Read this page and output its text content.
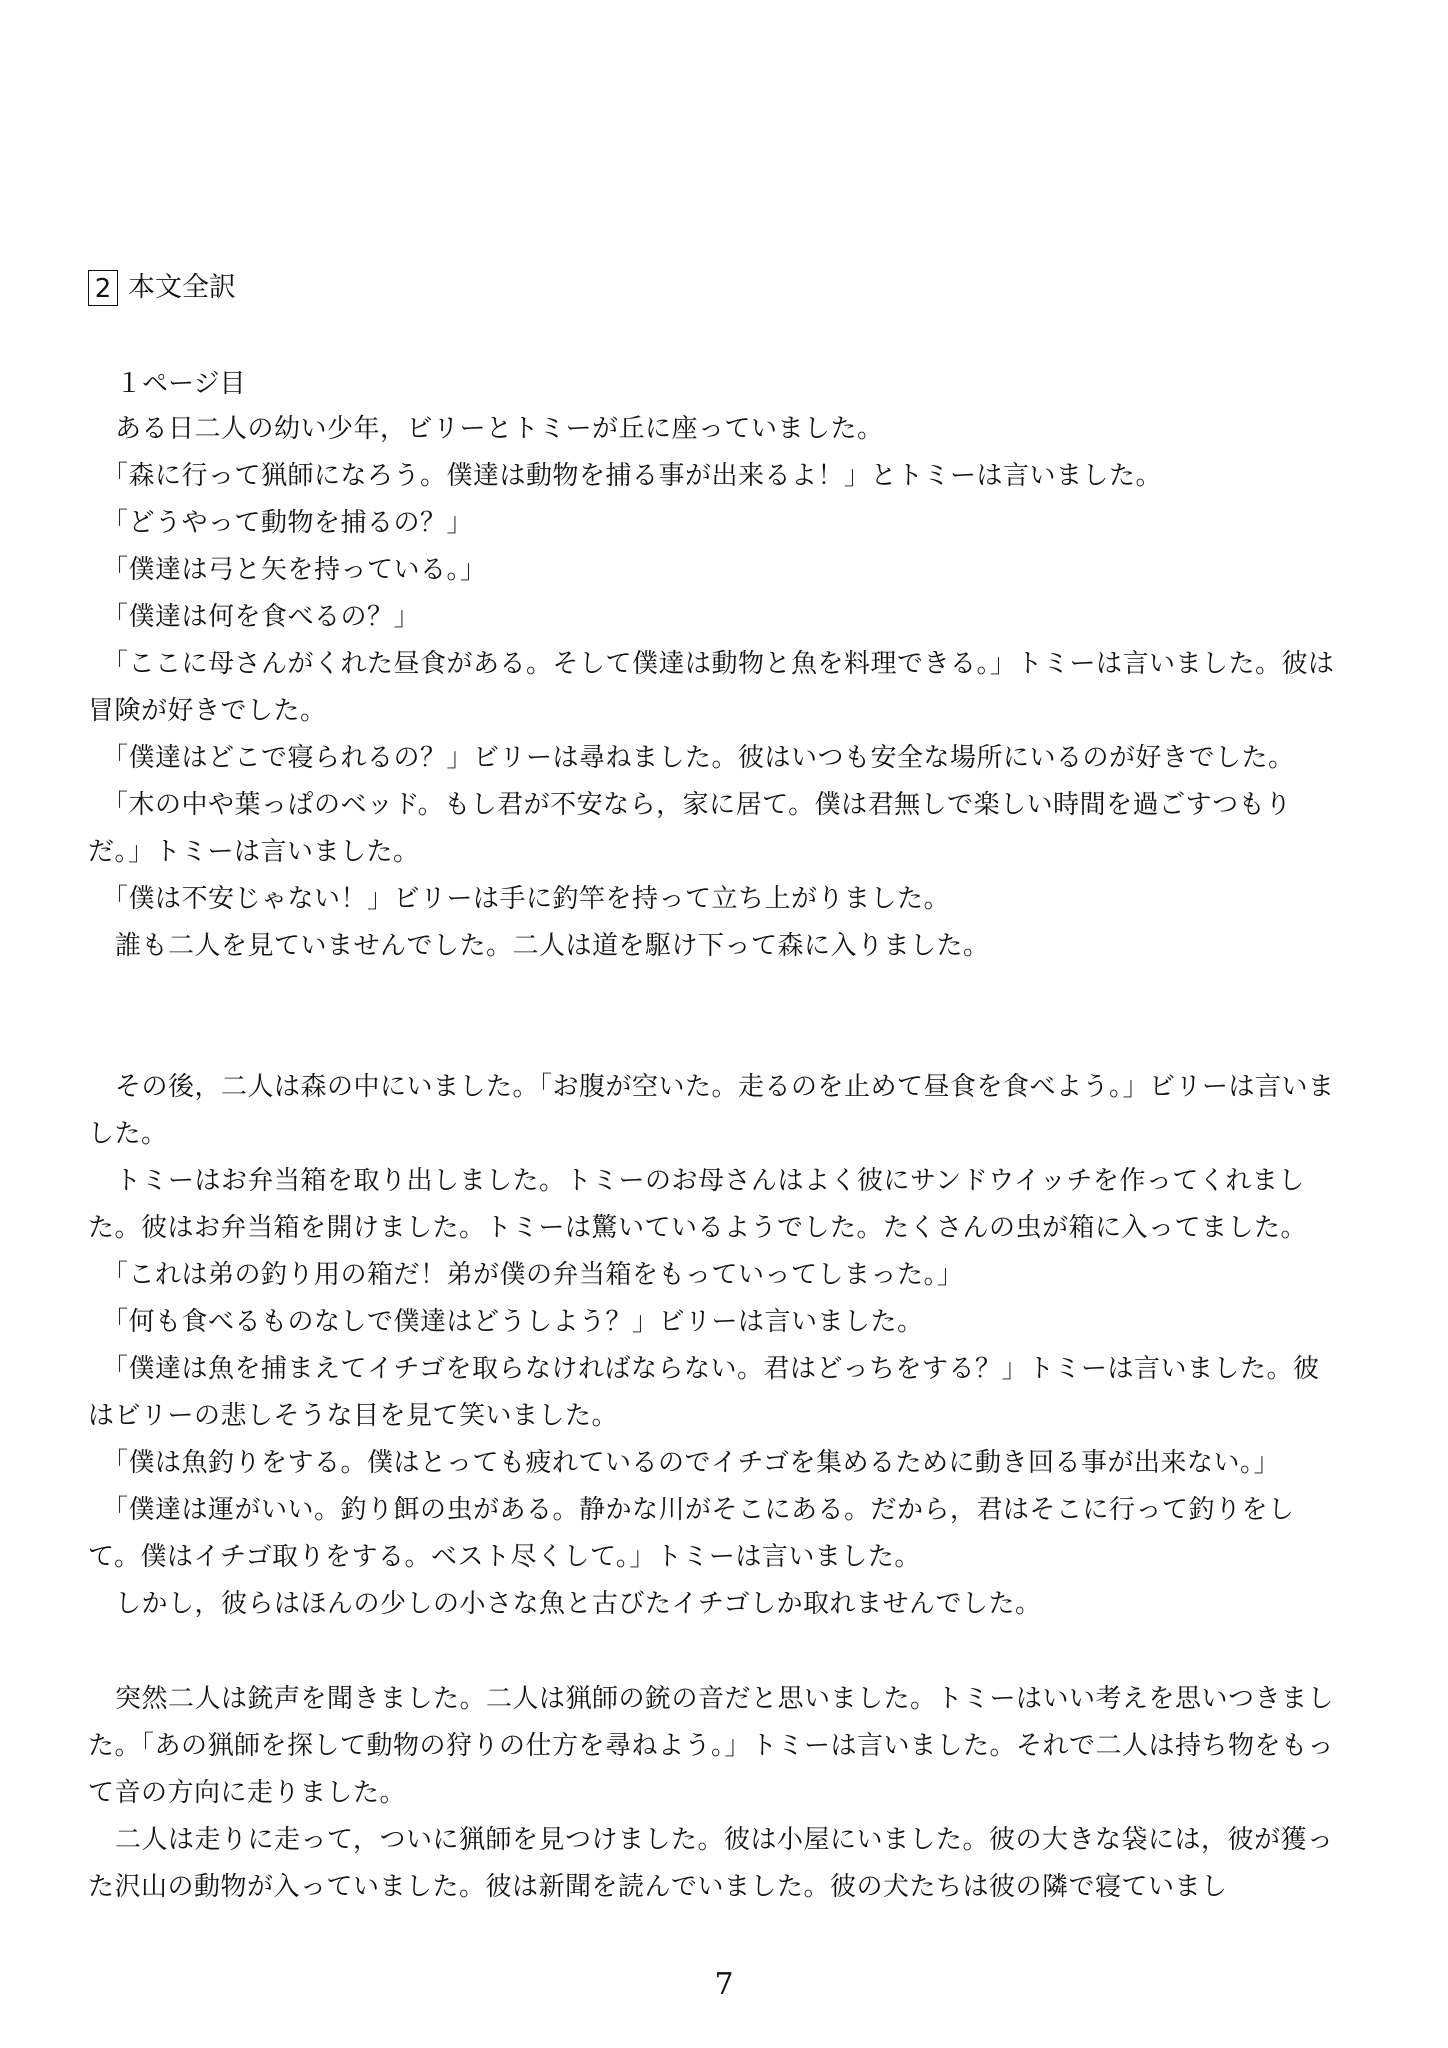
2 本文全訳
１ページ目

ある日二人の幼い少年，ビリーとトミーが丘に座っていました。

「森に行って猟師になろう。僕達は動物を捕る事が出来るよ！」とトミーは言いました。

「どうやって動物を捕るの？」

「僕達は弓と矢を持っている。」

「僕達は何を食べるの？」

「ここに母さんがくれた昼食がある。そして僕達は動物と魚を料理できる。」トミーは言いました。彼は冒険が好きでした。

「僕達はどこで寝られるの？」ビリーは尋ねました。彼はいつも安全な場所にいるのが好きでした。

「木の中や葉っぱのベッド。もし君が不安なら，家に居て。僕は君無しで楽しい時間を過ごすつもりだ。」トミーは言いました。

「僕は不安じゃない！」ビリーは手に釣竿を持って立ち上がりました。

誰も二人を見ていませんでした。二人は道を駆け下って森に入りました。

その後，二人は森の中にいました。「お腹が空いた。走るのを止めて昼食を食べよう。」ビリーは言いました。

トミーはお弁当箱を取り出しました。トミーのお母さんはよく彼にサンドウイッチを作ってくれました。彼はお弁当箱を開けました。トミーは驚いているようでした。たくさんの虫が箱に入ってました。

「これは弟の釣り用の箱だ！弟が僕の弁当箱をもっていってしまった。」

「何も食べるものなしで僕達はどうしよう？」ビリーは言いました。

「僕達は魚を捕まえてイチゴを取らなければならない。君はどっちをする？」トミーは言いました。彼はビリーの悲しそうな目を見て笑いました。

「僕は魚釣りをする。僕はとっても疲れているのでイチゴを集めるために動き回る事が出来ない。」

「僕達は運がいい。釣り餌の虫がある。静かな川がそこにある。だから，君はそこに行って釣りをして。僕はイチゴ取りをする。ベスト尽くして。」トミーは言いました。

しかし，彼らはほんの少しの小さな魚と古びたイチゴしか取れませんでした。

突然二人は銃声を聞きました。二人は猟師の銃の音だと思いました。トミーはいい考えを思いつきました。「あの猟師を探して動物の狩りの仕方を尋ねよう。」トミーは言いました。それで二人は持ち物をもって音の方向に走りました。

二人は走りに走って，ついに猟師を見つけました。彼は小屋にいました。彼の大きな袋には，彼が獲った沢山の動物が入っていました。彼は新聞を読んでいました。彼の犬たちは彼の隣で寝ていまし

7
